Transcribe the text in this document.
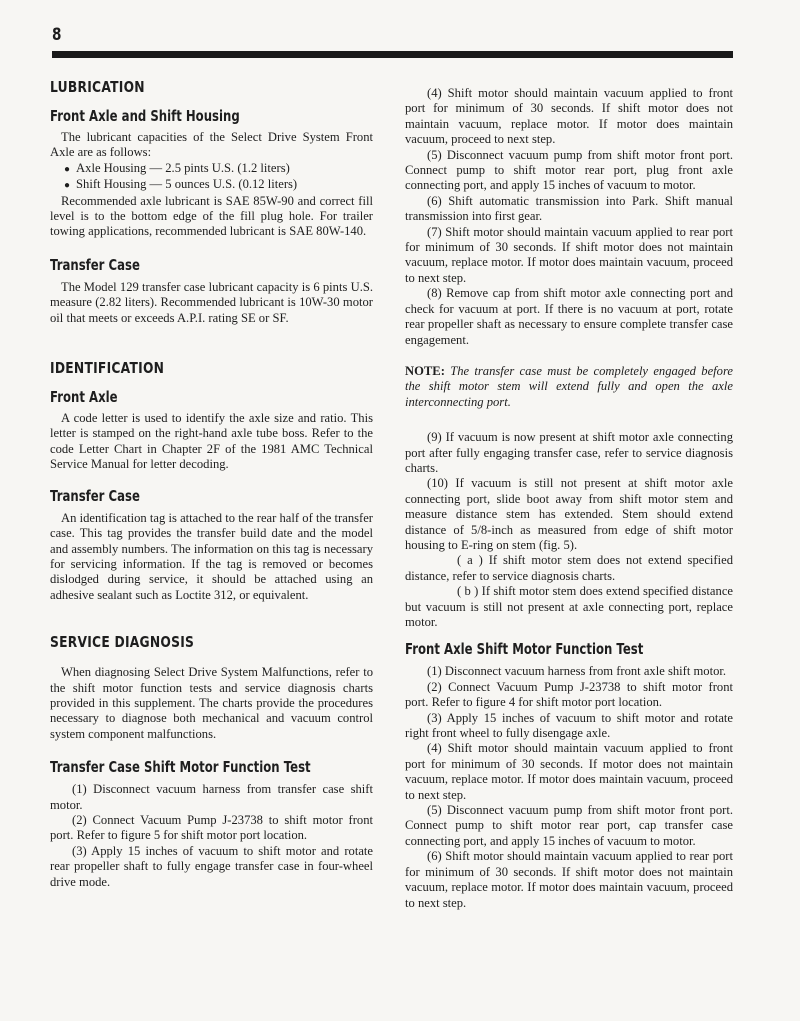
8
LUBRICATION
Front Axle and Shift Housing

The lubricant capacities of the Select Drive System Front Axle are as follows:

● Axle Housing — 2.5 pints U.S. (1.2 liters)
● Shift Housing — 5 ounces U.S. (0.12 liters)

Recommended axle lubricant is SAE 85W-90 and correct fill level is to the bottom edge of the fill plug hole. For trailer towing applications, recommended lubricant is SAE 80W-140.

Transfer Case

The Model 129 transfer case lubricant capacity is 6 pints U.S. measure (2.82 liters). Recommended lubricant is 10W-30 motor oil that meets or exceeds A.P.I. rating SE or SF.

IDENTIFICATION
Front Axle

A code letter is used to identify the axle size and ratio. This letter is stamped on the right-hand axle tube boss. Refer to the code Letter Chart in Chapter 2F of the 1981 AMC Technical Service Manual for letter decoding.

Transfer Case

An identification tag is attached to the rear half of the transfer case. This tag provides the transfer build date and the model and assembly numbers. The information on this tag is necessary for servicing information. If the tag is removed or becomes dislodged during service, it should be attached using an adhesive sealant such as Loctite 312, or equivalent.

SERVICE DIAGNOSIS

When diagnosing Select Drive System Malfunctions, refer to the shift motor function tests and service diagnosis charts provided in this supplement. The charts provide the procedures necessary to diagnose both mechanical and vacuum control system component malfunctions.

Transfer Case Shift Motor Function Test

(1) Disconnect vacuum harness from transfer case shift motor.

(2) Connect Vacuum Pump J-23738 to shift motor front port. Refer to figure 5 for shift motor port location.

(3) Apply 15 inches of vacuum to shift motor and rotate rear propeller shaft to fully engage transfer case in four-wheel drive mode.

(4) Shift motor should maintain vacuum applied to front port for minimum of 30 seconds. If shift motor does not maintain vacuum, replace motor. If motor does maintain vacuum, proceed to next step.

(5) Disconnect vacuum pump from shift motor front port. Connect pump to shift motor rear port, plug front axle connecting port, and apply 15 inches of vacuum to motor.

(6) Shift automatic transmission into Park. Shift manual transmission into first gear.

(7) Shift motor should maintain vacuum applied to rear port for minimum of 30 seconds. If shift motor does not maintain vacuum, replace motor. If motor does maintain vacuum, proceed to next step.

(8) Remove cap from shift motor axle connecting port and check for vacuum at port. If there is no vacuum at port, rotate rear propeller shaft as necessary to ensure complete transfer case engagement.

NOTE: The transfer case must be completely engaged before the shift motor stem will extend fully and open the axle interconnecting port.

(9) If vacuum is now present at shift motor axle connecting port after fully engaging transfer case, refer to service diagnosis charts.

(10) If vacuum is still not present at shift motor axle connecting port, slide boot away from shift motor stem and measure distance stem has extended. Stem should extend distance of 5/8-inch as measured from edge of shift motor housing to E-ring on stem (fig. 5).

( a ) If shift motor stem does not extend specified distance, refer to service diagnosis charts.

( b ) If shift motor stem does extend specified distance but vacuum is still not present at axle connecting port, replace motor.

Front Axle Shift Motor Function Test

(1) Disconnect vacuum harness from front axle shift motor.

(2) Connect Vacuum Pump J-23738 to shift motor front port. Refer to figure 4 for shift motor port location.

(3) Apply 15 inches of vacuum to shift motor and rotate right front wheel to fully disengage axle.

(4) Shift motor should maintain vacuum applied to front port for minimum of 30 seconds. If motor does not maintain vacuum, replace motor. If motor does maintain vacuum, proceed to next step.

(5) Disconnect vacuum pump from shift motor front port. Connect pump to shift motor rear port, cap transfer case connecting port, and apply 15 inches of vacuum to motor.

(6) Shift motor should maintain vacuum applied to rear port for minimum of 30 seconds. If shift motor does not maintain vacuum, replace motor. If motor does maintain vacuum, proceed to next step.
